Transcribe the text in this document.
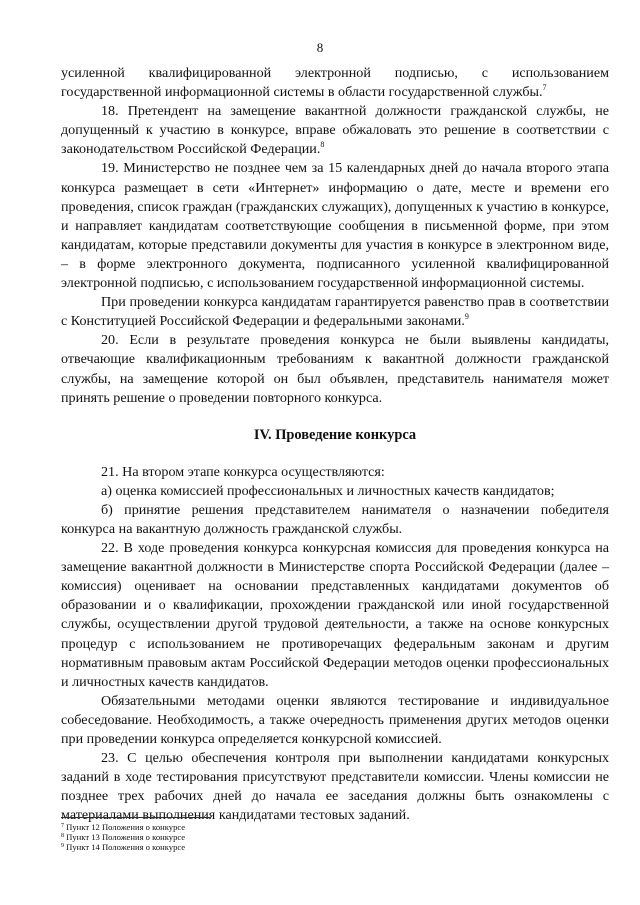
8

усиленной квалифицированной электронной подписью, с использованием государственной информационной системы в области государственной службы.$^7$

18. Претендент на замещение вакантной должности гражданской службы, не допущенный к участию в конкурсе, вправе обжаловать это решение в соответствии с законодательством Российской Федерации.$^8$

19. Министерство не позднее чем за 15 календарных дней до начала второго этапа конкурса размещает в сети «Интернет» информацию о дате, месте и времени его проведения, список граждан (гражданских служащих), допущенных к участию в конкурсе, и направляет кандидатам соответствующие сообщения в письменной форме, при этом кандидатам, которые представили документы для участия в конкурсе в электронном виде, – в форме электронного документа, подписанного усиленной квалифицированной электронной подписью, с использованием государственной информационной системы.

При проведении конкурса кандидатам гарантируется равенство прав в соответствии с Конституцией Российской Федерации и федеральными законами.$^9$

20. Если в результате проведения конкурса не были выявлены кандидаты, отвечающие квалификационным требованиям к вакантной должности гражданской службы, на замещение которой он был объявлен, представитель нанимателя может принять решение о проведении повторного конкурса.

IV. Проведение конкурса

21. На втором этапе конкурса осуществляются:

а) оценка комиссией профессиональных и личностных качеств кандидатов;

б) принятие решения представителем нанимателя о назначении победителя конкурса на вакантную должность гражданской службы.

22. В ходе проведения конкурса конкурсная комиссия для проведения конкурса на замещение вакантной должности в Министерстве спорта Российской Федерации (далее – комиссия) оценивает на основании представленных кандидатами документов об образовании и о квалификации, прохождении гражданской или иной государственной службы, осуществлении другой трудовой деятельности, а также на основе конкурсных процедур с использованием не противоречащих федеральным законам и другим нормативным правовым актам Российской Федерации методов оценки профессиональных и личностных качеств кандидатов.

Обязательными методами оценки являются тестирование и индивидуальное собеседование. Необходимость, а также очередность применения других методов оценки при проведении конкурса определяется конкурсной комиссией.

23. С целью обеспечения контроля при выполнении кандидатами конкурсных заданий в ходе тестирования присутствуют представители комиссии. Члены комиссии не позднее трех рабочих дней до начала ее заседания должны быть ознакомлены с материалами выполнения кандидатами тестовых заданий.

$^7$ Пункт 12 Положения о конкурсе
$^8$ Пункт 13 Положения о конкурсе
$^9$ Пункт 14 Положения о конкурсе
